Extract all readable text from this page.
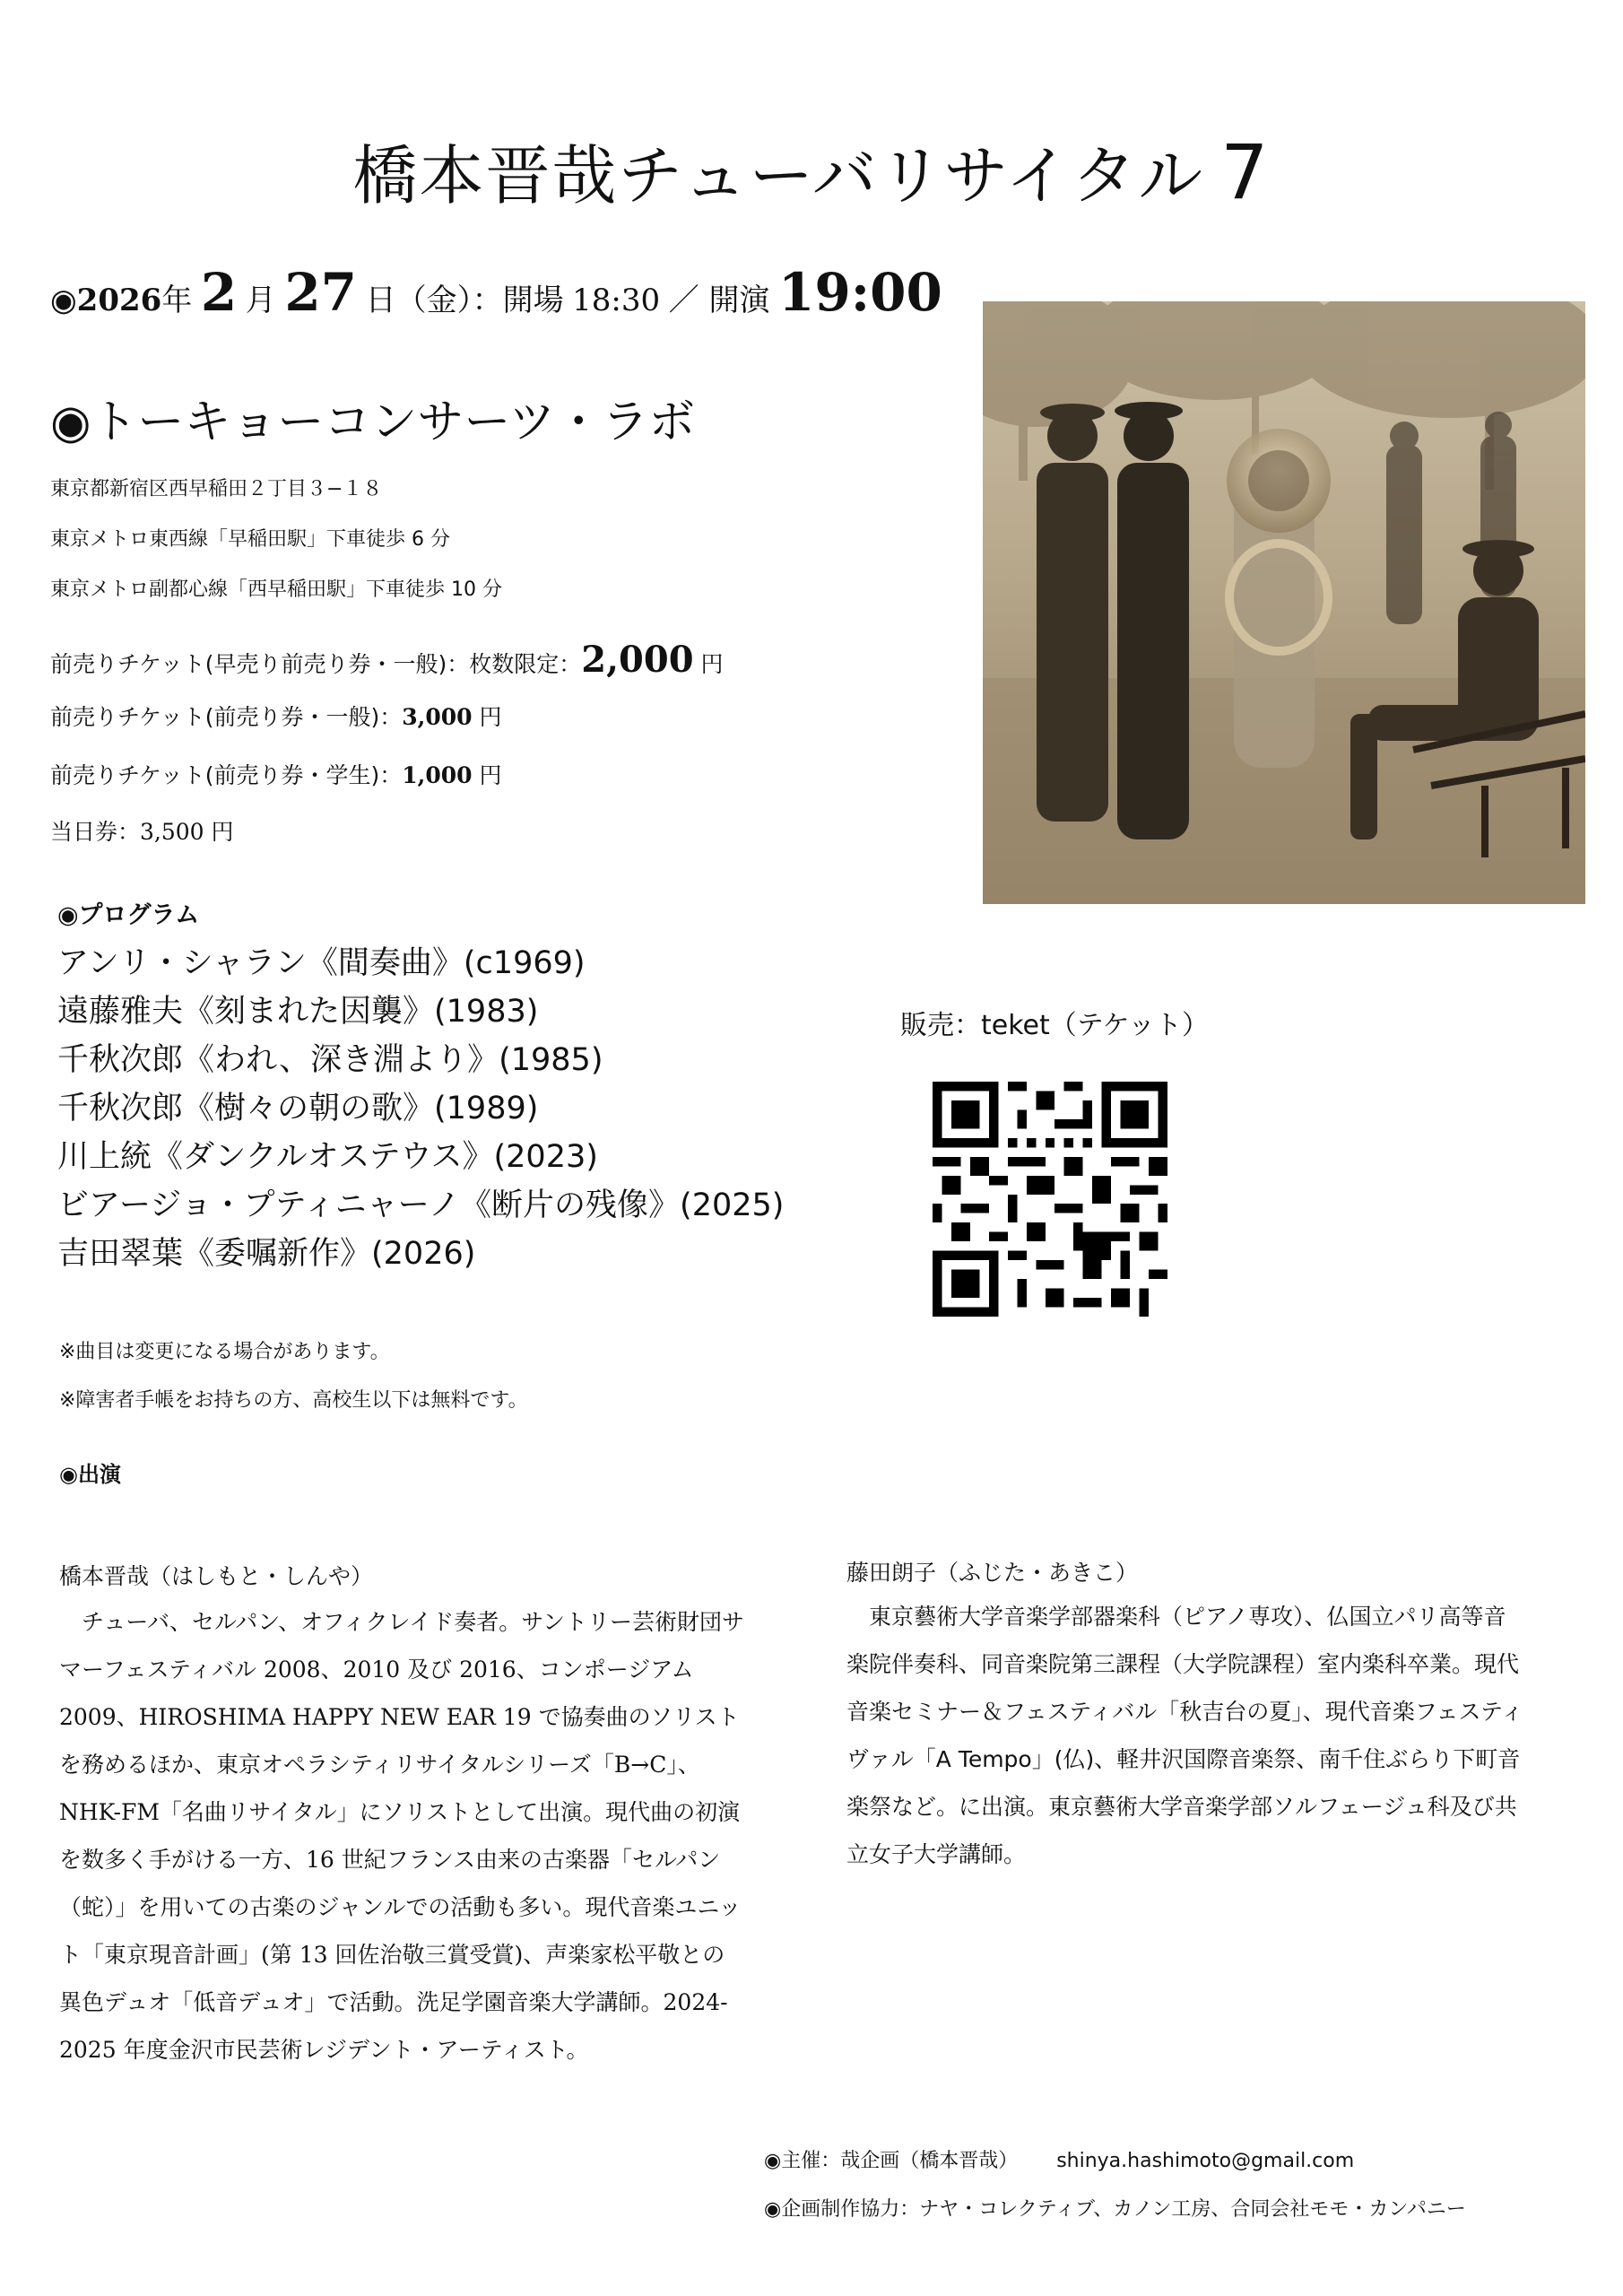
橋本晋哉チューバリサイタル 7
◉2026年 2 月 27 日（金）：開場 18:30 ／ 開演 19:00
◉トーキョーコンサーツ・ラボ
東京都新宿区西早稲田２丁目３−１８
東京メトロ東西線「早稲田駅」下車徒歩 6 分
東京メトロ副都心線「西早稲田駅」下車徒歩 10 分
前売りチケット(早売り前売り券・一般)：枚数限定：2,000 円
前売りチケット(前売り券・一般)：3,000 円
前売りチケット(前売り券・学生)：1,000 円
当日券：3,500 円
◉プログラム
アンリ・シャラン《間奏曲》(c1969)
遠藤雅夫《刻まれた因襲》(1983)
千秋次郎《われ、深き淵より》(1985)
千秋次郎《樹々の朝の歌》(1989)
川上統《ダンクルオステウス》(2023)
ビアージョ・プティニャーノ《断片の残像》(2025)
吉田翠葉《委嘱新作》(2026)
販売：teket（テケット）
※曲目は変更になる場合があります。
※障害者手帳をお持ちの方、高校生以下は無料です。
◉出演
橋本晋哉（はしもと・しんや）
　チューバ、セルパン、オフィクレイド奏者。サントリー芸術財団サマーフェスティバル 2008、2010 及び 2016、コンポージアム 2009、HIROSHIMA HAPPY NEW EAR 19 で協奏曲のソリストを務めるほか、東京オペラシティリサイタルシリーズ「B→C」、NHK-FM「名曲リサイタル」にソリストとして出演。現代曲の初演を数多く手がける一方、16 世紀フランス由来の古楽器「セルパン（蛇）」を用いての古楽のジャンルでの活動も多い。現代音楽ユニット「東京現音計画」(第 13 回佐治敬三賞受賞)、声楽家松平敬との異色デュオ「低音デュオ」で活動。洗足学園音楽大学講師。2024-2025 年度金沢市民芸術レジデント・アーティスト。
藤田朗子（ふじた・あきこ）
　東京藝術大学音楽学部器楽科（ピアノ専攻）、仏国立パリ高等音楽院伴奏科、同音楽院第三課程（大学院課程）室内楽科卒業。現代音楽セミナー＆フェスティバル「秋吉台の夏」、現代音楽フェスティヴァル「A Tempo」(仏)、軽井沢国際音楽祭、南千住ぶらり下町音楽祭など。に出演。東京藝術大学音楽学部ソルフェージュ科及び共立女子大学講師。
◉主催：哉企画（橋本晋哉） shinya.hashimoto@gmail.com
◉企画制作協力：ナヤ・コレクティブ、カノン工房、合同会社モモ・カンパニー
